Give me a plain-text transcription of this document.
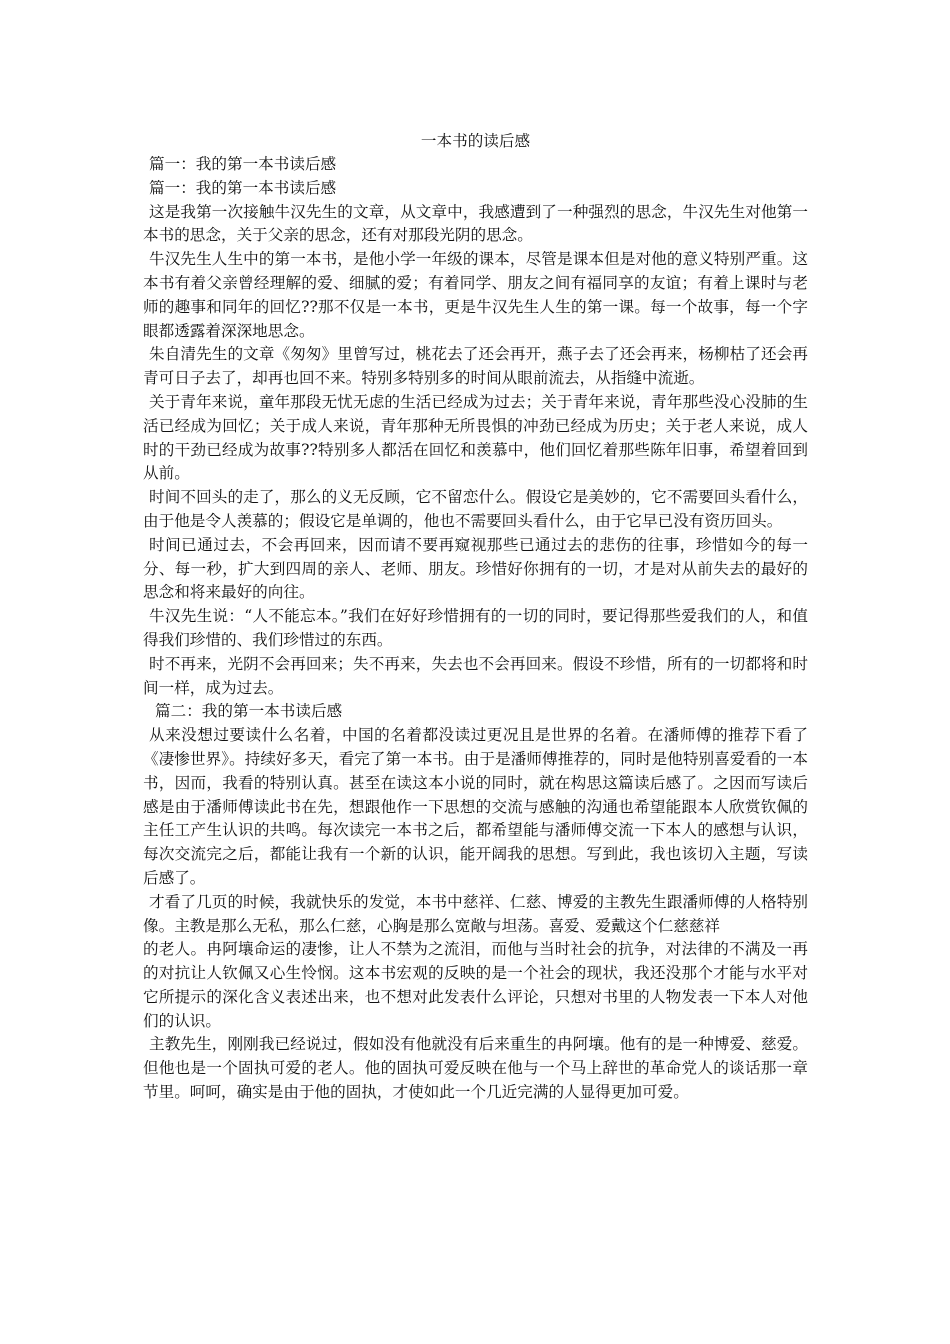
一本书的读后感

篇一：我的第一本书读后感

篇一：我的第一本书读后感

这是我第一次接触牛汉先生的文章，从文章中，我感遭到了一种强烈的思念，牛汉先生对他第一本书的思念，关于父亲的思念，还有对那段光阴的思念。

牛汉先生人生中的第一本书，是他小学一年级的课本，尽管是课本但是对他的意义特别严重。这本书有着父亲曾经理解的爱、细腻的爱；有着同学、朋友之间有福同享的友谊；有着上课时与老师的趣事和同年的回忆??那不仅是一本书，更是牛汉先生人生的第一课。每一个故事，每一个字眼都透露着深深地思念。

朱自清先生的文章《匆匆》里曾写过，桃花去了还会再开，燕子去了还会再来，杨柳枯了还会再青可日子去了，却再也回不来。特别多特别多的时间从眼前流去，从指缝中流逝。

关于青年来说，童年那段无忧无虑的生活已经成为过去；关于青年来说，青年那些没心没肺的生活已经成为回忆；关于成人来说，青年那种无所畏惧的冲劲已经成为历史；关于老人来说，成人时的干劲已经成为故事??特别多人都活在回忆和羡慕中，他们回忆着那些陈年旧事，希望着回到从前。

时间不回头的走了，那么的义无反顾，它不留恋什么。假设它是美妙的，它不需要回头看什么，由于他是令人羡慕的；假设它是单调的，他也不需要回头看什么，由于它早已没有资历回头。

时间已通过去，不会再回来，因而请不要再窥视那些已通过去的悲伤的往事，珍惜如今的每一分、每一秒，扩大到四周的亲人、老师、朋友。珍惜好你拥有的一切，才是对从前失去的最好的思念和将来最好的向往。

牛汉先生说：“人不能忘本。”我们在好好珍惜拥有的一切的同时，要记得那些爱我们的人，和值得我们珍惜的、我们珍惜过的东西。

时不再来，光阴不会再回来；失不再来，失去也不会再回来。假设不珍惜，所有的一切都将和时间一样，成为过去。

篇二：我的第一本书读后感

从来没想过要读什么名着，中国的名着都没读过更况且是世界的名着。在潘师傅的推荐下看了《凄惨世界》。持续好多天，看完了第一本书。由于是潘师傅推荐的，同时是他特别喜爱看的一本书，因而，我看的特别认真。甚至在读这本小说的同时，就在构思这篇读后感了。之因而写读后感是由于潘师傅读此书在先，想跟他作一下思想的交流与感触的沟通也希望能跟本人欣赏钦佩的主任工产生认识的共鸣。每次读完一本书之后，都希望能与潘师傅交流一下本人的感想与认识，每次交流完之后，都能让我有一个新的认识，能开阔我的思想。写到此，我也该切入主题，写读后感了。

才看了几页的时候，我就快乐的发觉，本书中慈祥、仁慈、博爱的主教先生跟潘师傅的人格特别像。主教是那么无私，那么仁慈，心胸是那么宽敞与坦荡。喜爱、爱戴这个仁慈慈祥

的老人。冉阿壤命运的凄惨，让人不禁为之流泪，而他与当时社会的抗争，对法律的不满及一再的对抗让人钦佩又心生怜悯。这本书宏观的反映的是一个社会的现状，我还没那个才能与水平对它所提示的深化含义表述出来，也不想对此发表什么评论，只想对书里的人物发表一下本人对他们的认识。

主教先生，刚刚我已经说过，假如没有他就没有后来重生的冉阿壤。他有的是一种博爱、慈爱。但他也是一个固执可爱的老人。他的固执可爱反映在他与一个马上辞世的革命党人的谈话那一章节里。呵呵，确实是由于他的固执，才使如此一个几近完满的人显得更加可爱。
